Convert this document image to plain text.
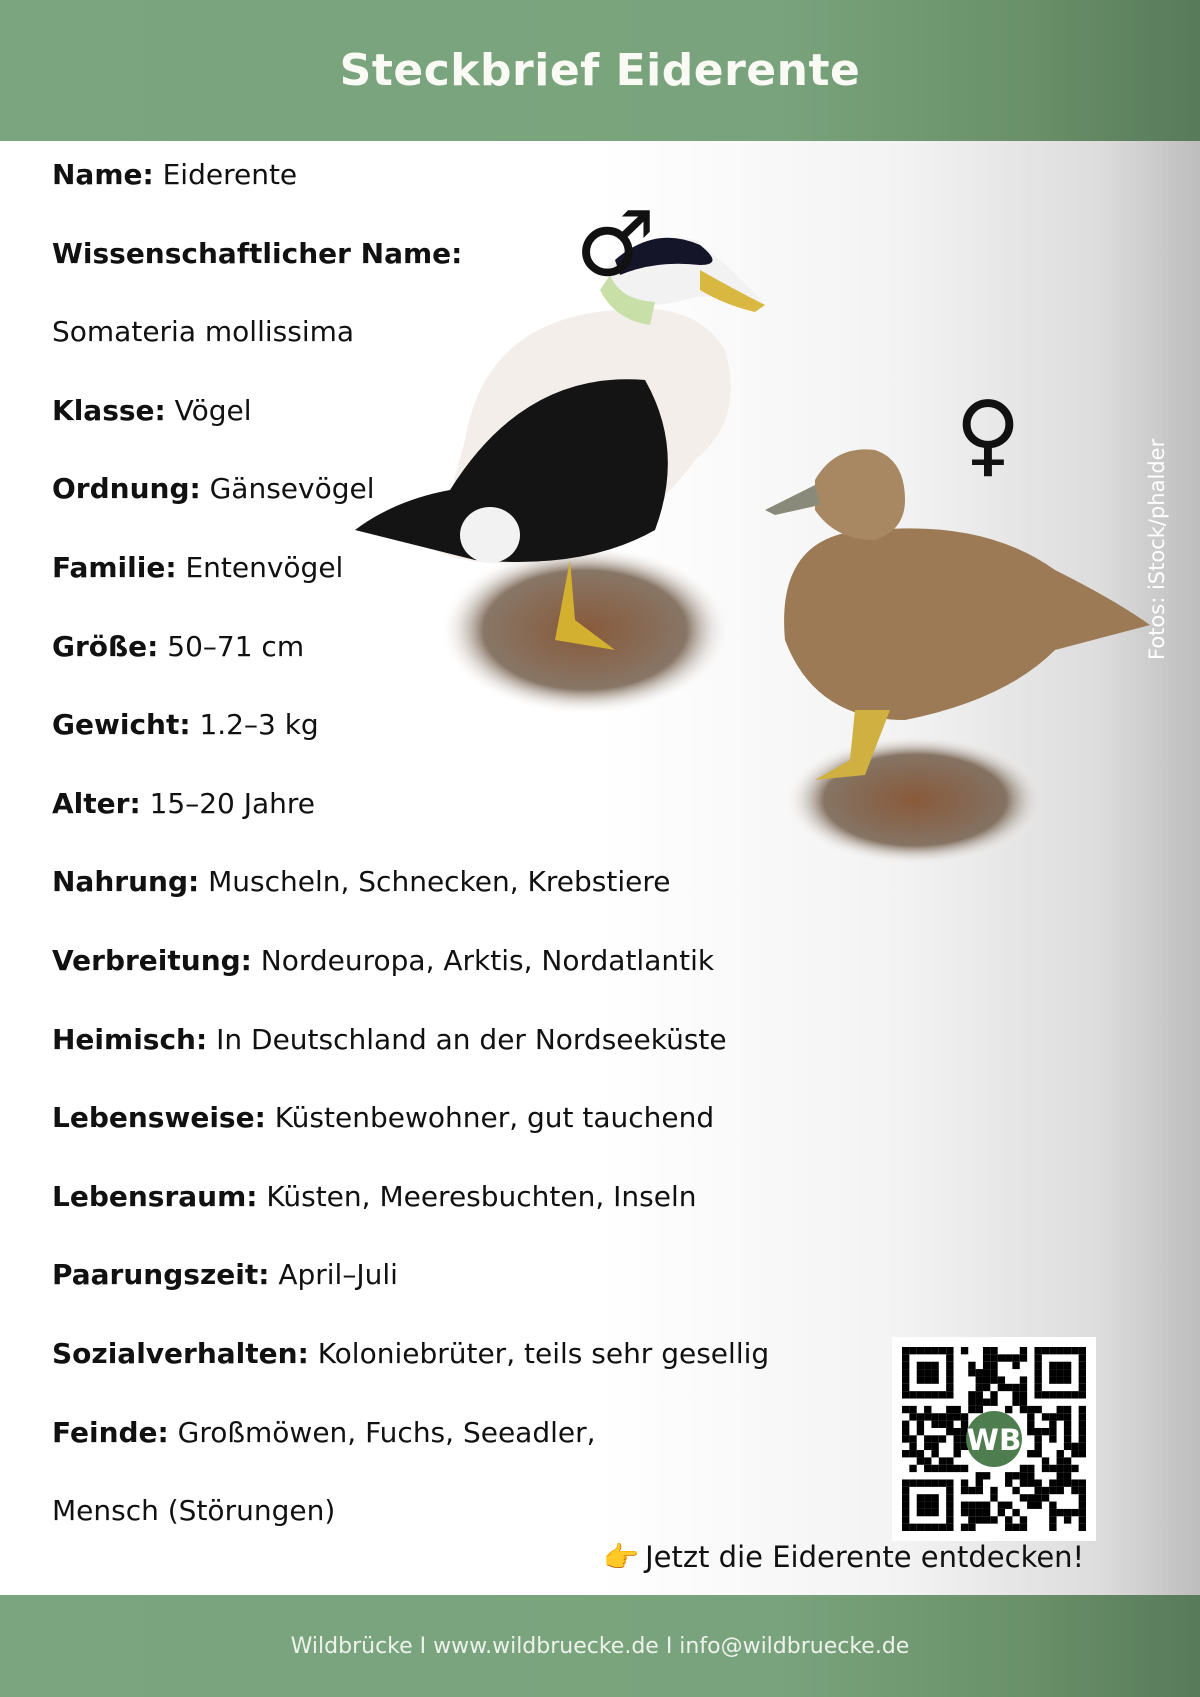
Steckbrief Eiderente
Name: Eiderente
Wissenschaftlicher Name:
Somateria mollissima
Klasse: Vögel
Ordnung: Gänsevögel
Familie: Entenvögel
Größe: 50–71 cm
Gewicht: 1.2–3 kg
Alter: 15–20 Jahre
Nahrung: Muscheln, Schnecken, Krebstiere
Verbreitung: Nordeuropa, Arktis, Nordatlantik
Heimisch: In Deutschland an der Nordseeküste
Lebensweise: Küstenbewohner, gut tauchend
Lebensraum: Küsten, Meeresbuchten, Inseln
Paarungszeit: April–Juli
Sozialverhalten: Koloniebrüter, teils sehr gesellig
Feinde: Großmöwen, Fuchs, Seeadler,
Mensch (Störungen)
♂
♀
Fotos: iStock/phalder
WB
👉 Jetzt die Eiderente entdecken!
Wildbrücke I www.wildbruecke.de I info@wildbruecke.de
